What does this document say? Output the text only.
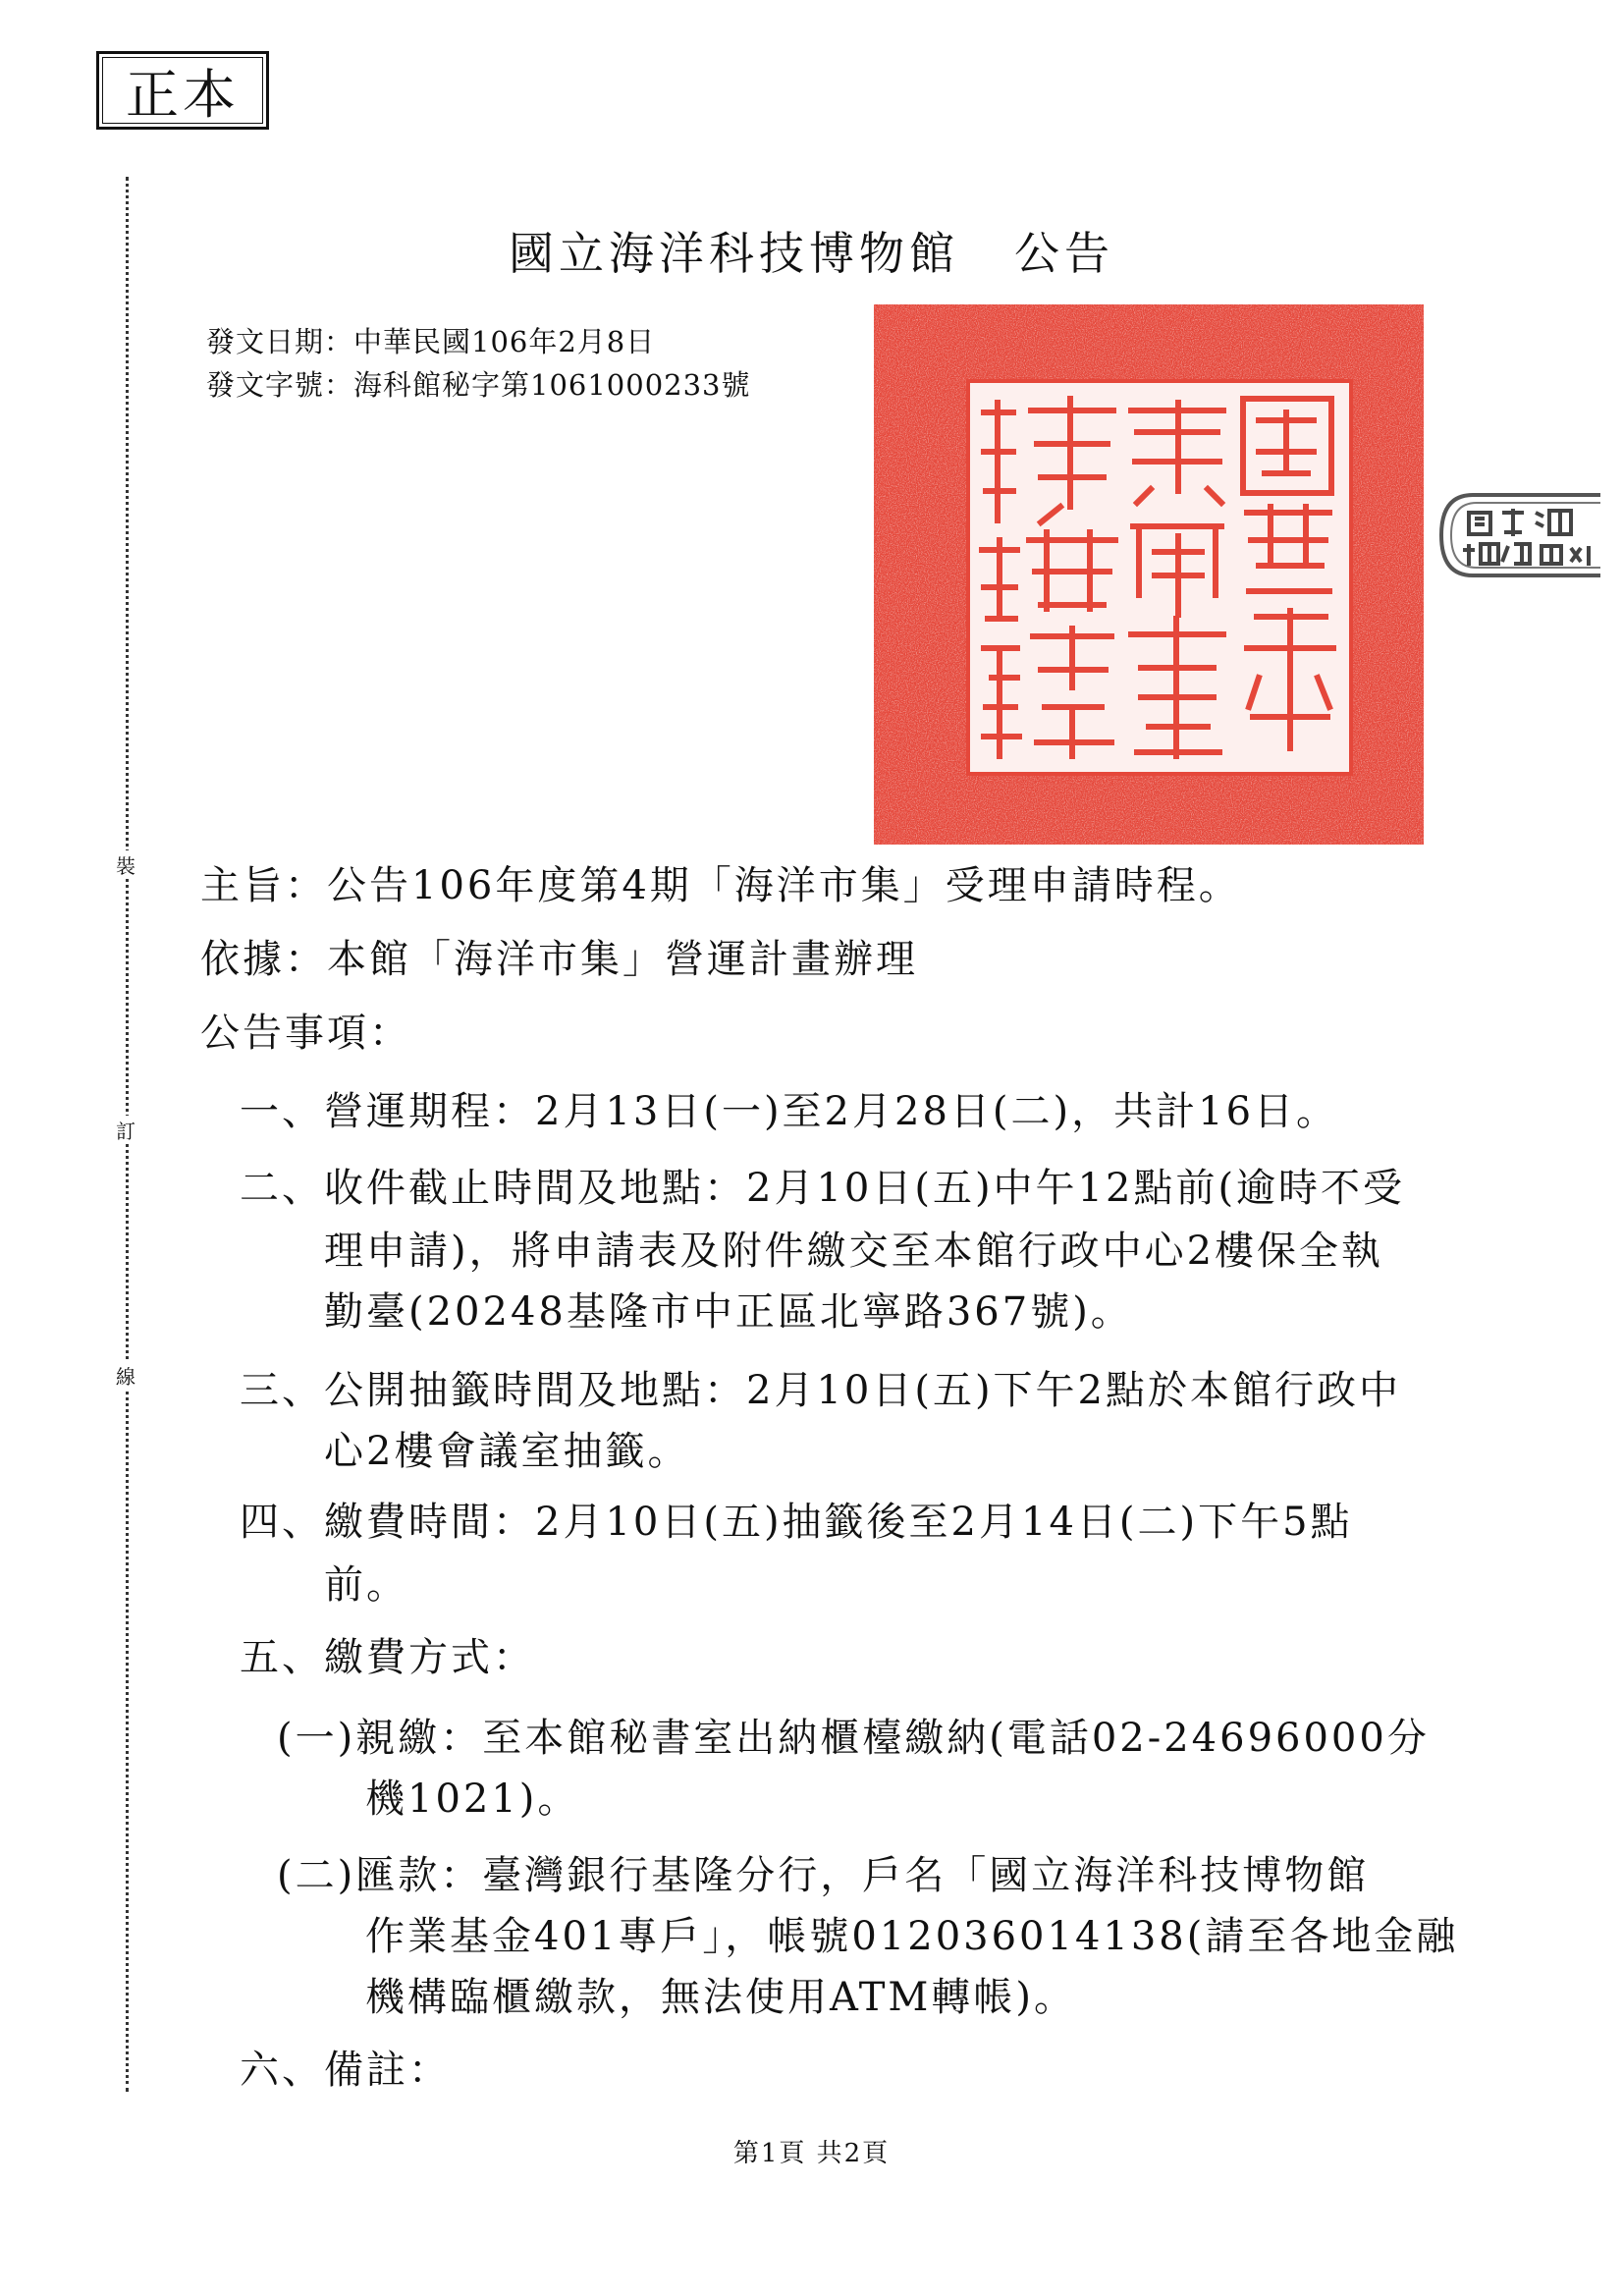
正本
裝
訂
線
國立海洋科技博物館 公告
發文日期：中華民國106年2月8日
發文字號：海科館秘字第1061000233號
主旨：公告106年度第4期「海洋市集」受理申請時程。
依據：本館「海洋市集」營運計畫辦理
公告事項：
一、營運期程：2月13日(一)至2月28日(二)，共計16日。
二、收件截止時間及地點：2月10日(五)中午12點前(逾時不受
理申請)，將申請表及附件繳交至本館行政中心2樓保全執
勤臺(20248基隆市中正區北寧路367號)。
三、公開抽籤時間及地點：2月10日(五)下午2點於本館行政中
心2樓會議室抽籤。
四、繳費時間：2月10日(五)抽籤後至2月14日(二)下午5點
前。
五、繳費方式：
(一)親繳：至本館秘書室出納櫃檯繳納(電話02-24696000分
機1021)。
(二)匯款：臺灣銀行基隆分行，戶名「國立海洋科技博物館
作業基金401專戶」，帳號012036014138(請至各地金融
機構臨櫃繳款，無法使用ATM轉帳)。
六、備註：
第1頁 共2頁
